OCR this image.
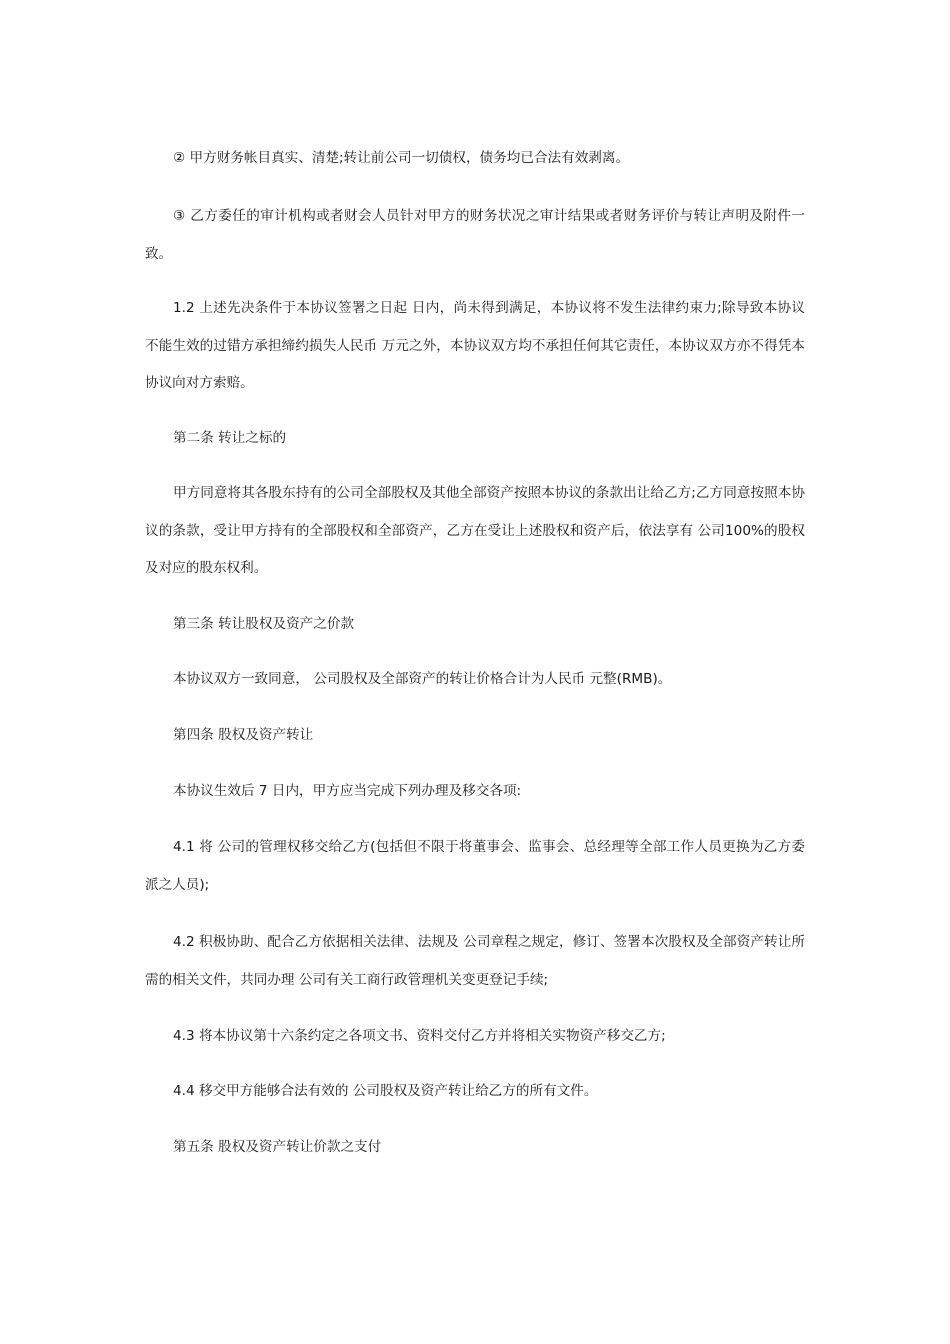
② 甲方财务帐目真实、清楚;转让前公司一切债权，债务均已合法有效剥离。

③ 乙方委任的审计机构或者财会人员针对甲方的财务状况之审计结果或者财务评价与转让声明及附件一致。

1.2 上述先决条件于本协议签署之日起 日内，尚未得到满足，本协议将不发生法律约束力;除导致本协议不能生效的过错方承担缔约损失人民币 万元之外，本协议双方均不承担任何其它责任，本协议双方亦不得凭本协议向对方索赔。

第二条 转让之标的

甲方同意将其各股东持有的公司全部股权及其他全部资产按照本协议的条款出让给乙方;乙方同意按照本协议的条款，受让甲方持有的全部股权和全部资产，乙方在受让上述股权和资产后，依法享有 公司100%的股权及对应的股东权利。

第三条 转让股权及资产之价款

本协议双方一致同意， 公司股权及全部资产的转让价格合计为人民币 元整(RMB)。

第四条 股权及资产转让

本协议生效后 7 日内，甲方应当完成下列办理及移交各项:

4.1 将 公司的管理权移交给乙方(包括但不限于将董事会、监事会、总经理等全部工作人员更换为乙方委派之人员);

4.2 积极协助、配合乙方依据相关法律、法规及 公司章程之规定，修订、签署本次股权及全部资产转让所需的相关文件，共同办理 公司有关工商行政管理机关变更登记手续;

4.3 将本协议第十六条约定之各项文书、资料交付乙方并将相关实物资产移交乙方;

4.4 移交甲方能够合法有效的 公司股权及资产转让给乙方的所有文件。

第五条 股权及资产转让价款之支付
